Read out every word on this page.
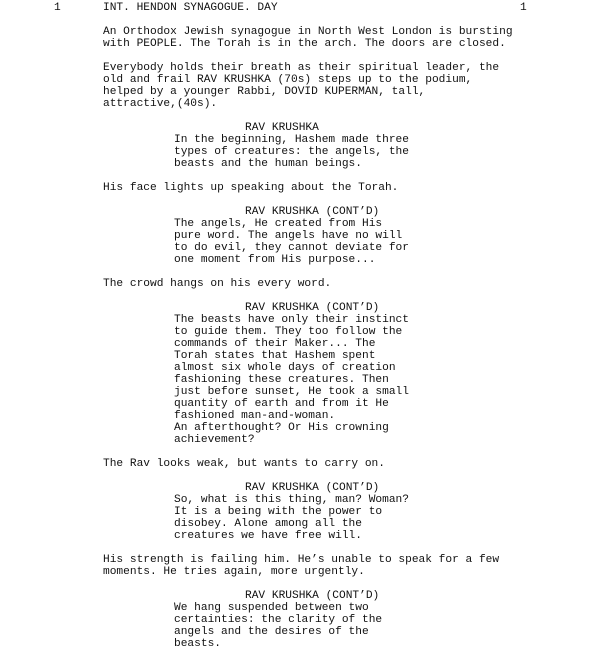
1	INT. HENDON SYNAGOGUE. DAY	1
An Orthodox Jewish synagogue in North West London is bursting
with PEOPLE. The Torah is in the arch. The doors are closed.
Everybody holds their breath as their spiritual leader, the
old and frail RAV KRUSHKA (70s) steps up to the podium,
helped by a younger Rabbi, DOVID KUPERMAN, tall,
attractive,(40s).
RAV KRUSHKA
In the beginning, Hashem made three
types of creatures: the angels, the
beasts and the human beings.
His face lights up speaking about the Torah.
RAV KRUSHKA (CONT’D)
The angels, He created from His
pure word. The angels have no will
to do evil, they cannot deviate for
one moment from His purpose...
The crowd hangs on his every word.
RAV KRUSHKA (CONT’D)
The beasts have only their instinct
to guide them. They too follow the
commands of their Maker... The
Torah states that Hashem spent
almost six whole days of creation
fashioning these creatures. Then
just before sunset, He took a small
quantity of earth and from it He
fashioned man-and-woman.
An afterthought? Or His crowning
achievement?
The Rav looks weak, but wants to carry on.
RAV KRUSHKA (CONT’D)
So, what is this thing, man? Woman?
It is a being with the power to
disobey. Alone among all the
creatures we have free will.
His strength is failing him. He’s unable to speak for a few
moments. He tries again, more urgently.
RAV KRUSHKA (CONT’D)
We hang suspended between two
certainties: the clarity of the
angels and the desires of the
beasts.
